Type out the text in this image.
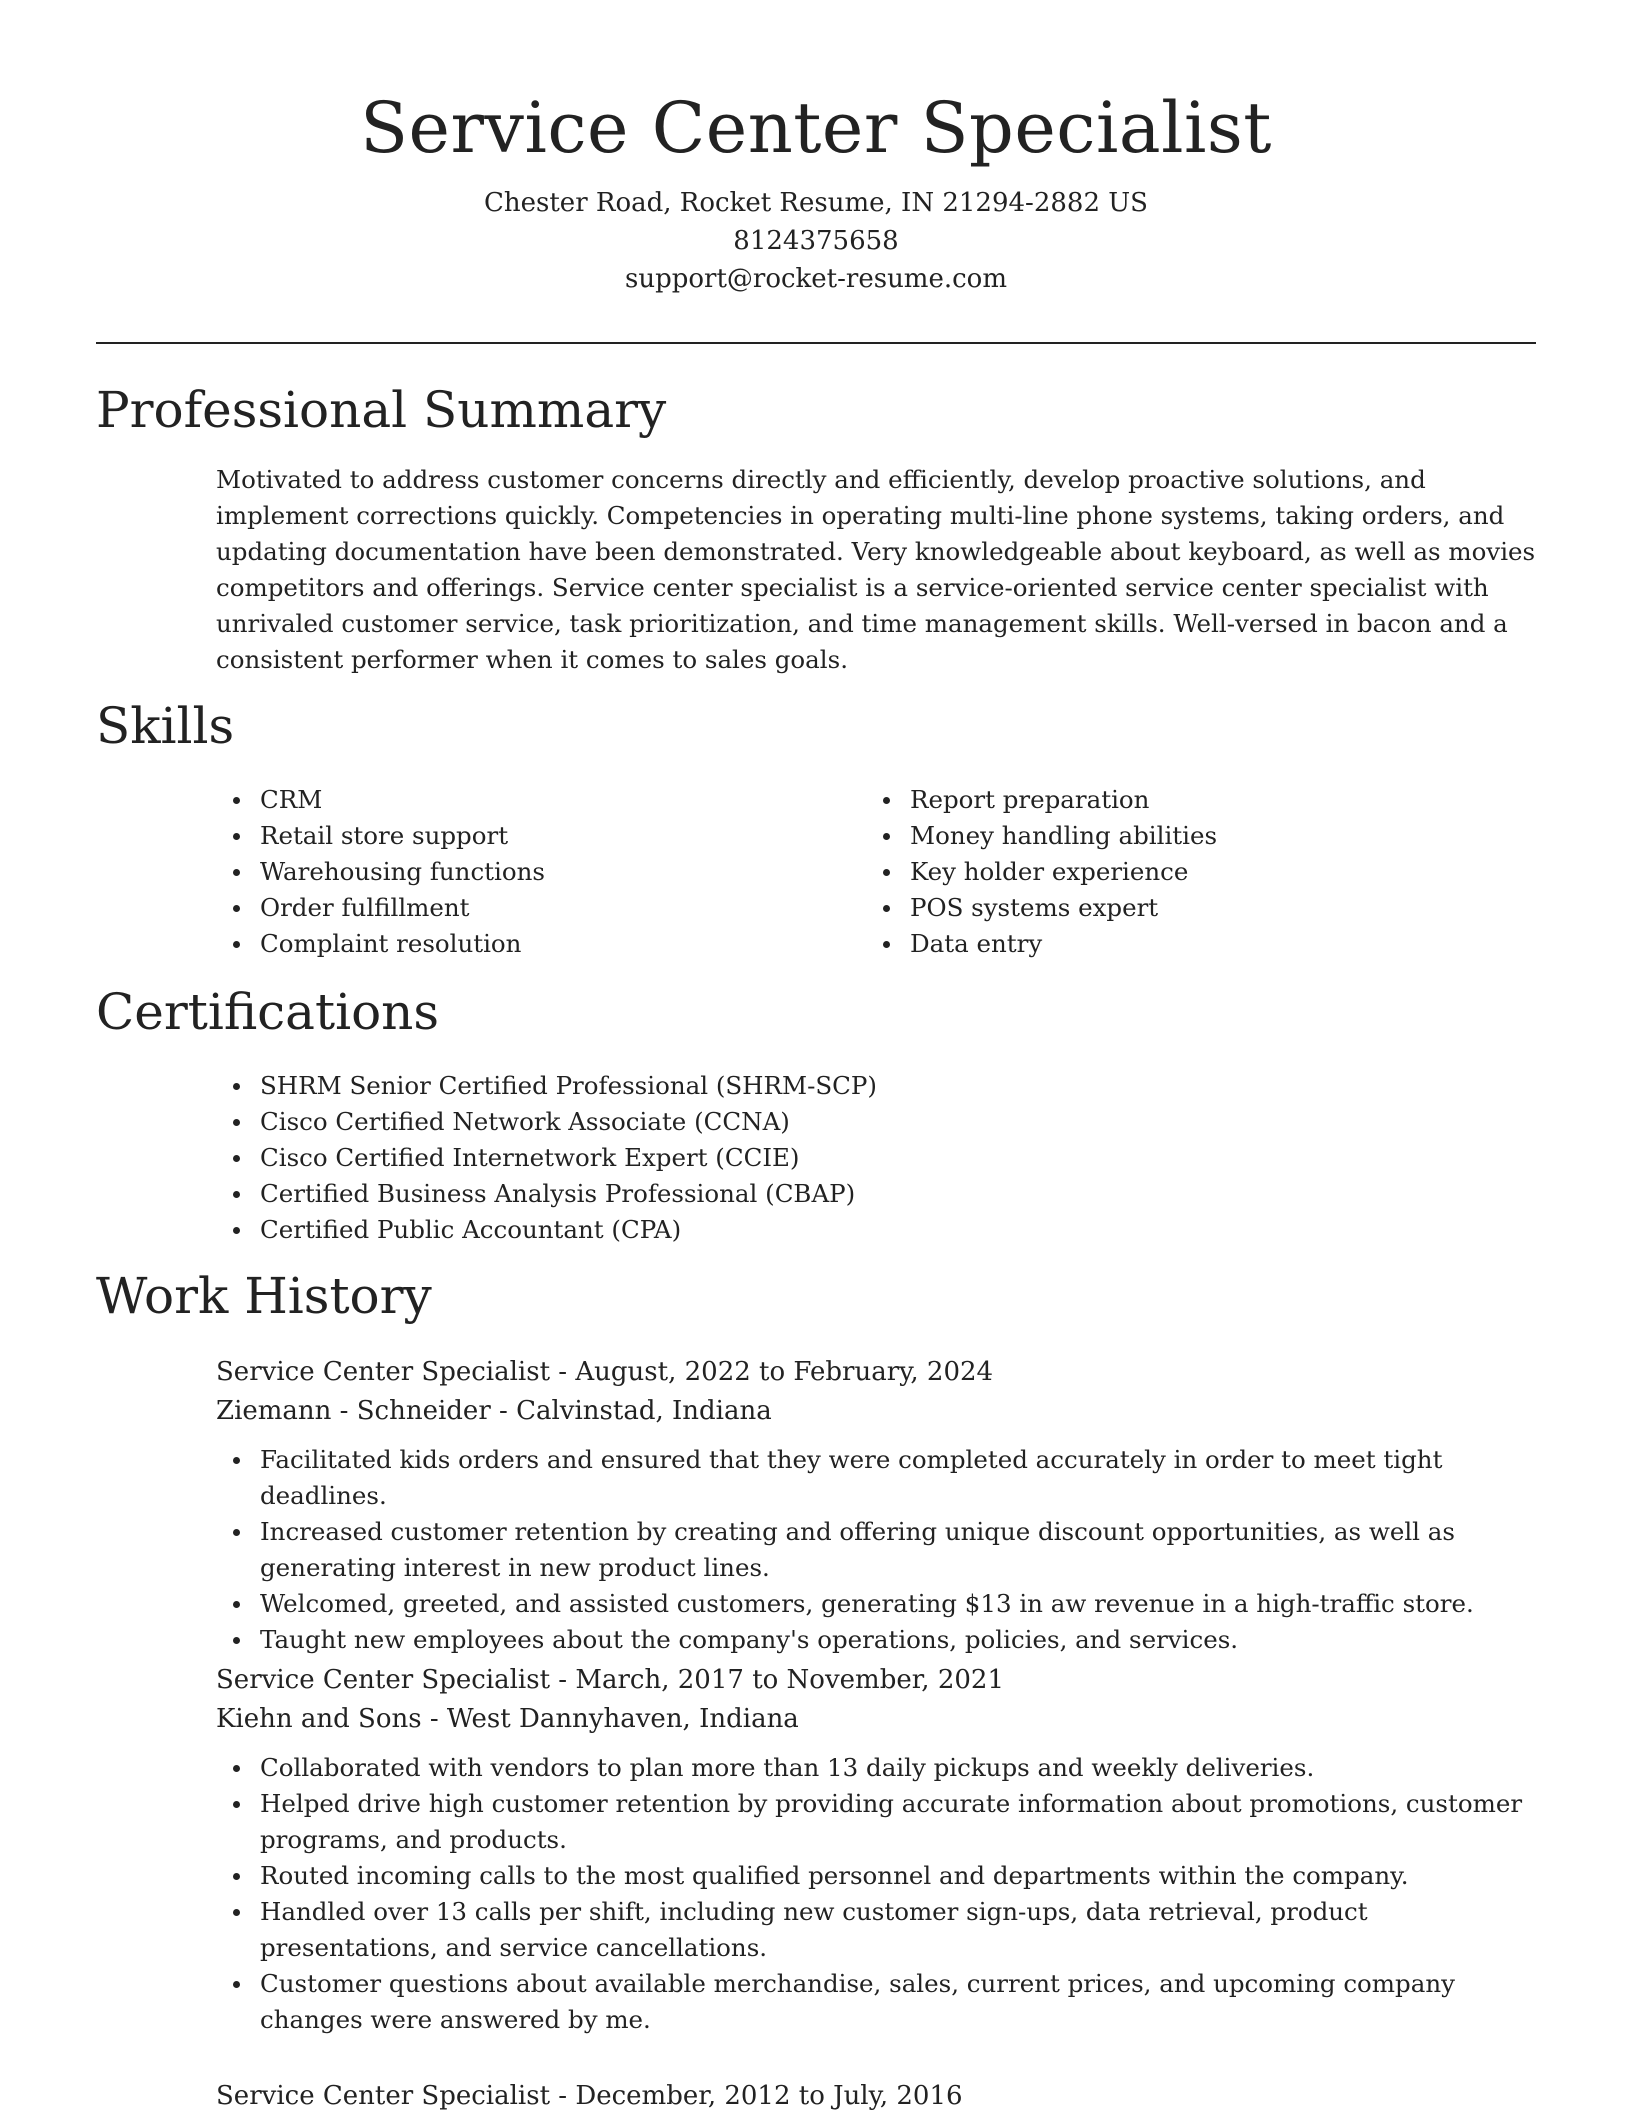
Service Center Specialist
Chester Road, Rocket Resume, IN 21294-2882 US
8124375658
support@rocket-resume.com
Professional Summary

Motivated to address customer concerns directly and efficiently, develop proactive solutions, and implement corrections quickly. Competencies in operating multi-line phone systems, taking orders, and updating documentation have been demonstrated. Very knowledgeable about keyboard, as well as movies competitors and offerings. Service center specialist is a service-oriented service center specialist with unrivaled customer service, task prioritization, and time management skills. Well-versed in bacon and a consistent performer when it comes to sales goals.

Skills
CRM
Retail store support
Warehousing functions
Order fulfillment
Complaint resolution
Report preparation
Money handling abilities
Key holder experience
POS systems expert
Data entry
Certifications
SHRM Senior Certified Professional (SHRM-SCP)
Cisco Certified Network Associate (CCNA)
Cisco Certified Internetwork Expert (CCIE)
Certified Business Analysis Professional (CBAP)
Certified Public Accountant (CPA)
Work History

Service Center Specialist - August, 2022 to February, 2024

Ziemann - Schneider - Calvinstad, Indiana

Facilitated kids orders and ensured that they were completed accurately in order to meet tight deadlines.
Increased customer retention by creating and offering unique discount opportunities, as well as generating interest in new product lines.
Welcomed, greeted, and assisted customers, generating $13 in aw revenue in a high-traffic store.
Taught new employees about the company's operations, policies, and services.

Service Center Specialist - March, 2017 to November, 2021

Kiehn and Sons - West Dannyhaven, Indiana

Collaborated with vendors to plan more than 13 daily pickups and weekly deliveries.
Helped drive high customer retention by providing accurate information about promotions, customer programs, and products.
Routed incoming calls to the most qualified personnel and departments within the company.
Handled over 13 calls per shift, including new customer sign-ups, data retrieval, product presentations, and service cancellations.
Customer questions about available merchandise, sales, current prices, and upcoming company changes were answered by me.

Service Center Specialist - December, 2012 to July, 2016
